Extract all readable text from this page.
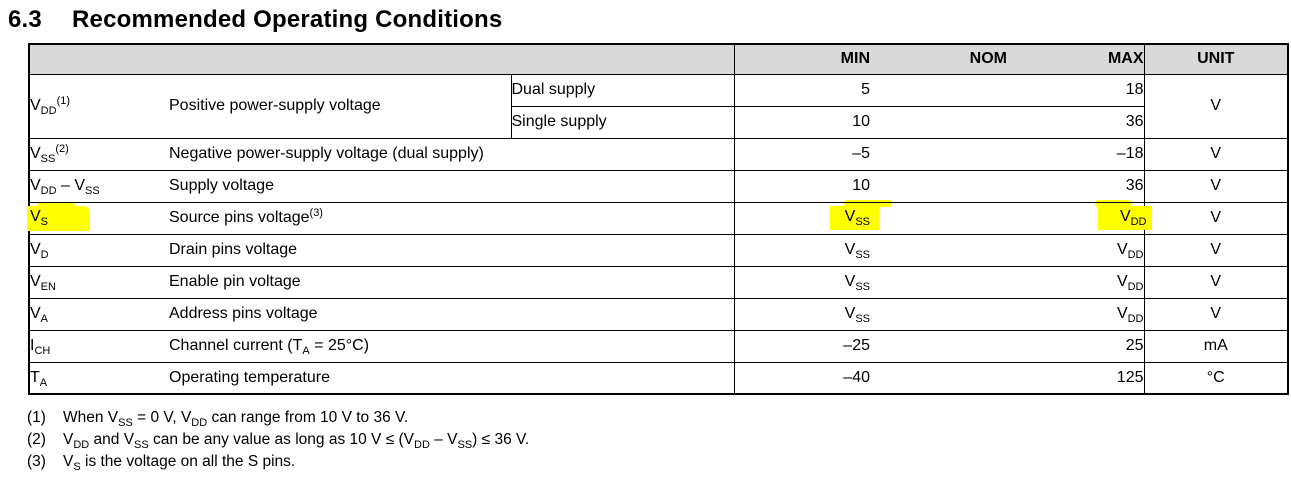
6.3	Recommended Operating Conditions
			MIN	NOM	MAX	UNIT
$V_{DD}^{(1)}$	Positive power-supply voltage	Dual supply	5		18	V
		Single supply	10		36	
$V_{SS}^{(2)}$	Negative power-supply voltage (dual supply)		–5		–18	V
$V_{DD} - V_{SS}$	Supply voltage		10		36	V
$V_S$	Source pins voltage$^{(3)}$		$V_{SS}$		$V_{DD}$	V
$V_D$	Drain pins voltage		$V_{SS}$		$V_{DD}$	V
$V_{EN}$	Enable pin voltage		$V_{SS}$		$V_{DD}$	V
$V_A$	Address pins voltage		$V_{SS}$		$V_{DD}$	V
$I_{CH}$	Channel current $(T_A = 25^\circ C)$		–25		25	mA
$T_A$	Operating temperature		–40		125	°C
(1)	When $V_{SS} = 0$ V, $V_{DD}$ can range from 10 V to 36 V.
(2)	$V_{DD}$ and $V_{SS}$ can be any value as long as 10 $V \le (V_{DD} - V_{SS}) \le 36$ V.
(3)	$V_S$ is the voltage on all the S pins.
